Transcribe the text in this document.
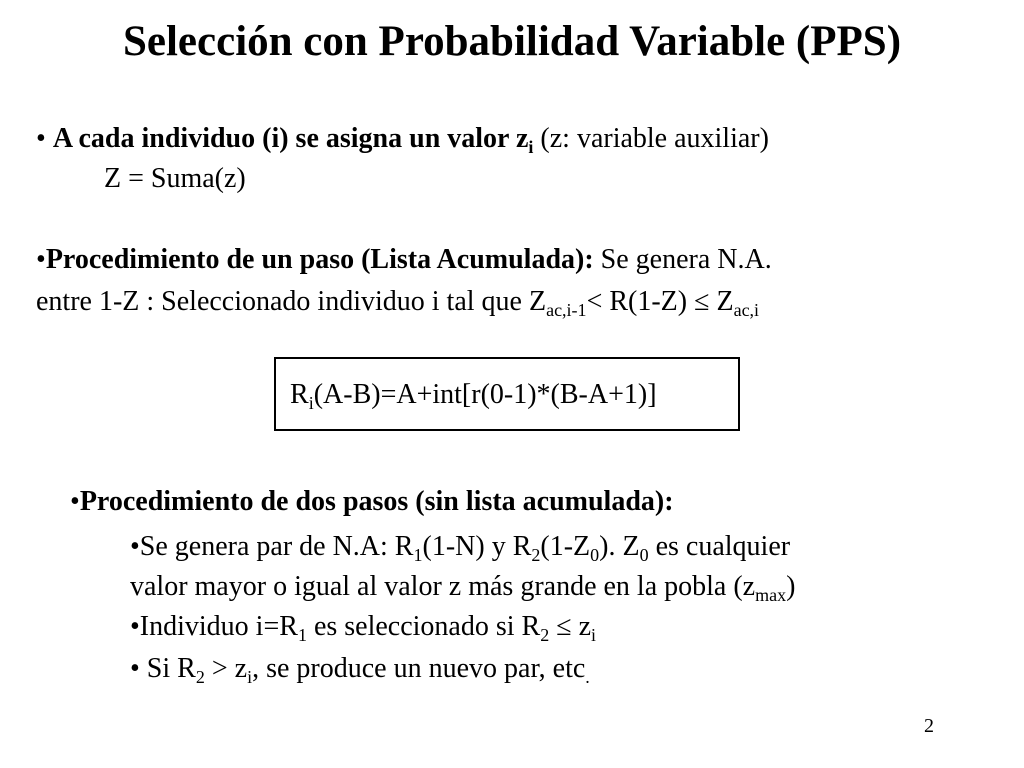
Selección con Probabilidad Variable (PPS)
• A cada individuo (i) se asigna un valor $z_i$ (z: variable auxiliar)
Z = Suma(z)
•Procedimiento de un paso (Lista Acumulada): Se genera N.A.
entre 1-Z : Seleccionado individuo i tal que $Z_{ac,i-1}< R(1-Z) \le Z_{ac,i}$
$R_i(A-B)=A+int[r(0-1)*(B-A+1)]$
•Procedimiento de dos pasos (sin lista acumulada):
•Se genera par de N.A: $R_1(1-N)$ y $R_2(1-Z_0)$. $Z_0$ es cualquier
valor mayor o igual al valor z más grande en la pobla $(z_{max})$
•Individuo $i=R_1$ es seleccionado si $R_2 \le z_i$
• Si $R_2 > z_i$, se produce un nuevo par, etc$_.$
2
